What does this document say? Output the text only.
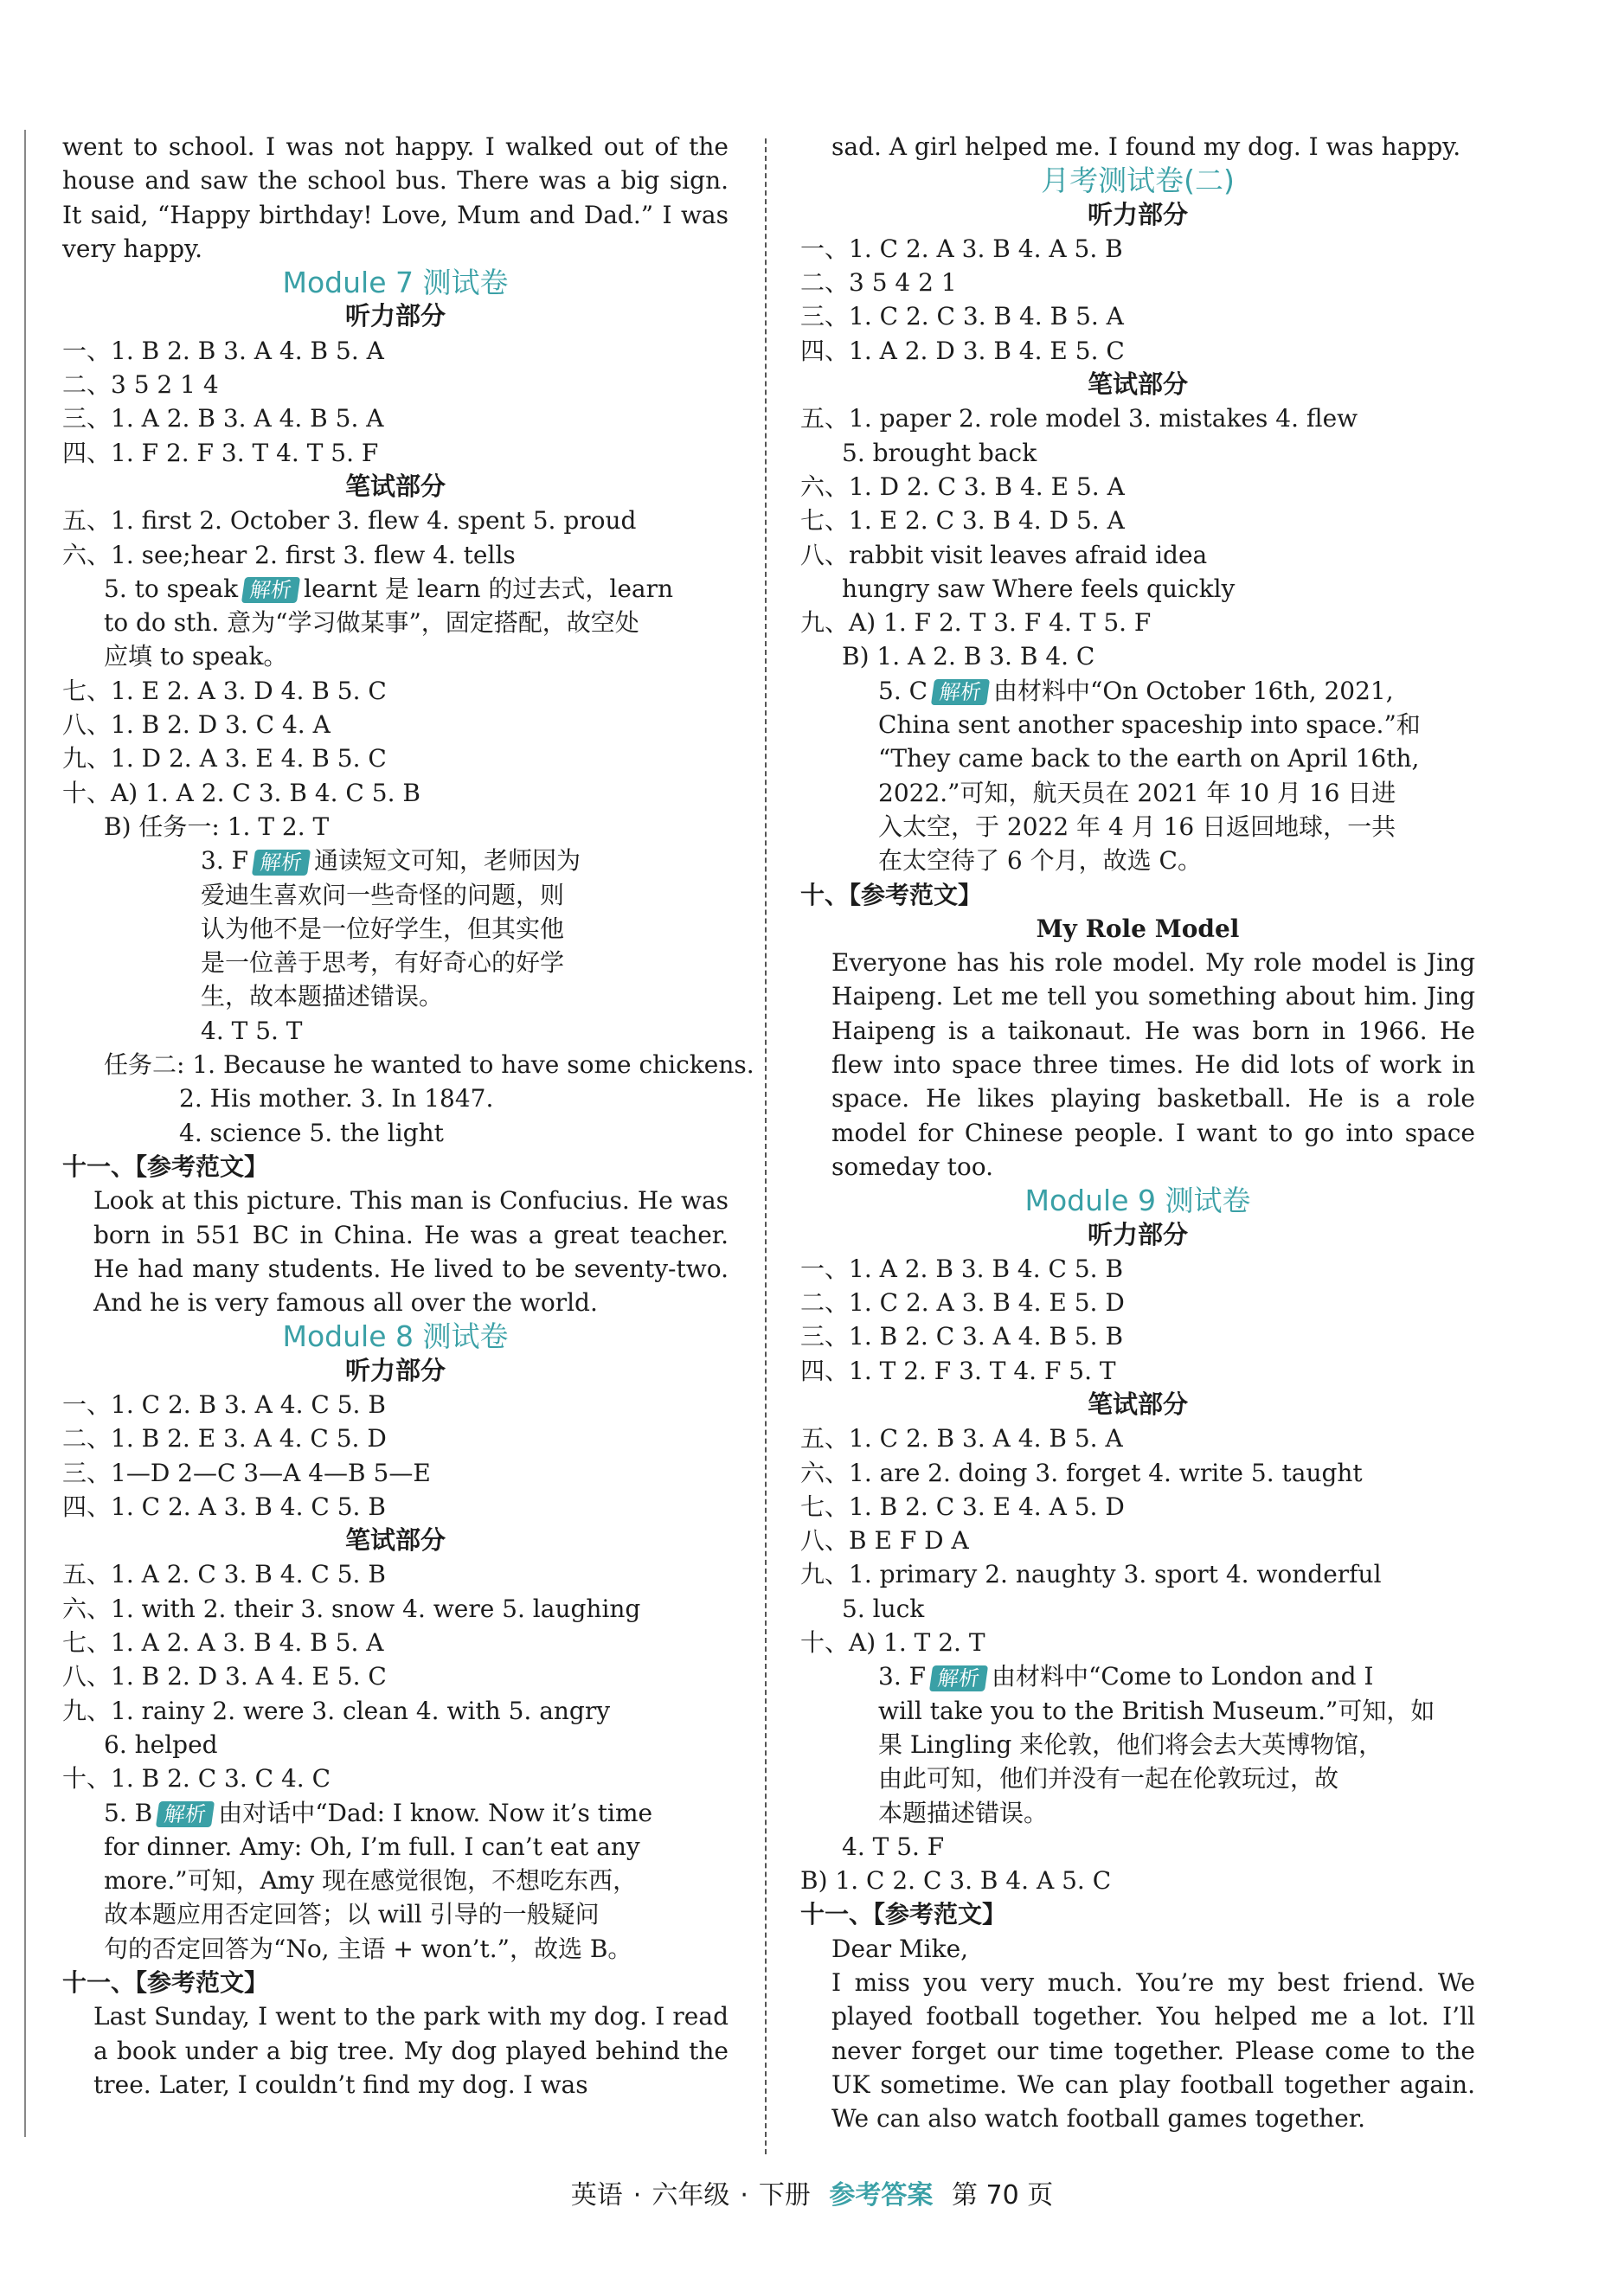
went to school. I was not happy. I walked out of the house and saw the school bus. There was a big sign. It said, “Happy birthday! Love, Mum and Dad.” I was very happy.
Module 7 测试卷
听力部分
一、1. B 2. B 3. A 4. B 5. A
二、3 5 2 1 4
三、1. A 2. B 3. A 4. B 5. A
四、1. F 2. F 3. T 4. T 5. F
笔试部分
五、1. first 2. October 3. flew 4. spent 5. proud
六、1. see;hear 2. first 3. flew 4. tells
5. to speak 解析 learnt 是 learn 的过去式，learn
to do sth. 意为“学习做某事”，固定搭配，故空处
应填 to speak。
七、1. E 2. A 3. D 4. B 5. C
八、1. B 2. D 3. C 4. A
九、1. D 2. A 3. E 4. B 5. C
十、A) 1. A 2. C 3. B 4. C 5. B
B) 任务一: 1. T 2. T
3. F 解析 通读短文可知，老师因为
爱迪生喜欢问一些奇怪的问题，则
认为他不是一位好学生，但其实他
是一位善于思考，有好奇心的好学
生，故本题描述错误。
4. T 5. T
任务二: 1. Because he wanted to have some chickens.
2. His mother. 3. In 1847.
4. science 5. the light
十一、【参考范文】
Look at this picture. This man is Confucius. He was born in 551 BC in China. He was a great teacher. He had many students. He lived to be seventy-two. And he is very famous all over the world.
Module 8 测试卷
听力部分
一、1. C 2. B 3. A 4. C 5. B
二、1. B 2. E 3. A 4. C 5. D
三、1—D 2—C 3—A 4—B 5—E
四、1. C 2. A 3. B 4. C 5. B
笔试部分
五、1. A 2. C 3. B 4. C 5. B
六、1. with 2. their 3. snow 4. were 5. laughing
七、1. A 2. A 3. B 4. B 5. A
八、1. B 2. D 3. A 4. E 5. C
九、1. rainy 2. were 3. clean 4. with 5. angry
6. helped
十、1. B 2. C 3. C 4. C
5. B 解析 由对话中“Dad: I know. Now it’s time
for dinner. Amy: Oh, I’m full. I can’t eat any
more.”可知，Amy 现在感觉很饱，不想吃东西，
故本题应用否定回答；以 will 引导的一般疑问
句的否定回答为“No, 主语 + won’t.”，故选 B。
十一、【参考范文】
Last Sunday, I went to the park with my dog. I read a book under a big tree. My dog played behind the tree. Later, I couldn’t find my dog. I was
sad. A girl helped me. I found my dog. I was happy.
月考测试卷(二)
听力部分
一、1. C 2. A 3. B 4. A 5. B
二、3 5 4 2 1
三、1. C 2. C 3. B 4. B 5. A
四、1. A 2. D 3. B 4. E 5. C
笔试部分
五、1. paper 2. role model 3. mistakes 4. flew
5. brought back
六、1. D 2. C 3. B 4. E 5. A
七、1. E 2. C 3. B 4. D 5. A
八、rabbit visit leaves afraid idea
hungry saw Where feels quickly
九、A) 1. F 2. T 3. F 4. T 5. F
B) 1. A 2. B 3. B 4. C
5. C 解析 由材料中“On October 16th, 2021,
China sent another spaceship into space.”和
“They came back to the earth on April 16th,
2022.”可知，航天员在 2021 年 10 月 16 日进
入太空，于 2022 年 4 月 16 日返回地球，一共
在太空待了 6 个月，故选 C。
十、【参考范文】
My Role Model
Everyone has his role model. My role model is Jing Haipeng. Let me tell you something about him. Jing Haipeng is a taikonaut. He was born in 1966. He flew into space three times. He did lots of work in space. He likes playing basketball. He is a role model for Chinese people. I want to go into space someday too.
Module 9 测试卷
听力部分
一、1. A 2. B 3. B 4. C 5. B
二、1. C 2. A 3. B 4. E 5. D
三、1. B 2. C 3. A 4. B 5. B
四、1. T 2. F 3. T 4. F 5. T
笔试部分
五、1. C 2. B 3. A 4. B 5. A
六、1. are 2. doing 3. forget 4. write 5. taught
七、1. B 2. C 3. E 4. A 5. D
八、B E F D A
九、1. primary 2. naughty 3. sport 4. wonderful
5. luck
十、A) 1. T 2. T
3. F 解析 由材料中“Come to London and I
will take you to the British Museum.”可知，如
果 Lingling 来伦敦，他们将会去大英博物馆，
由此可知，他们并没有一起在伦敦玩过，故
本题描述错误。
4. T 5. F
B) 1. C 2. C 3. B 4. A 5. C
十一、【参考范文】
Dear Mike,
I miss you very much. You’re my best friend. We played football together. You helped me a lot. I’ll never forget our time together. Please come to the UK sometime. We can play football together again. We can also watch football games together.
英语 · 六年级 · 下册 参考答案 第 70 页
